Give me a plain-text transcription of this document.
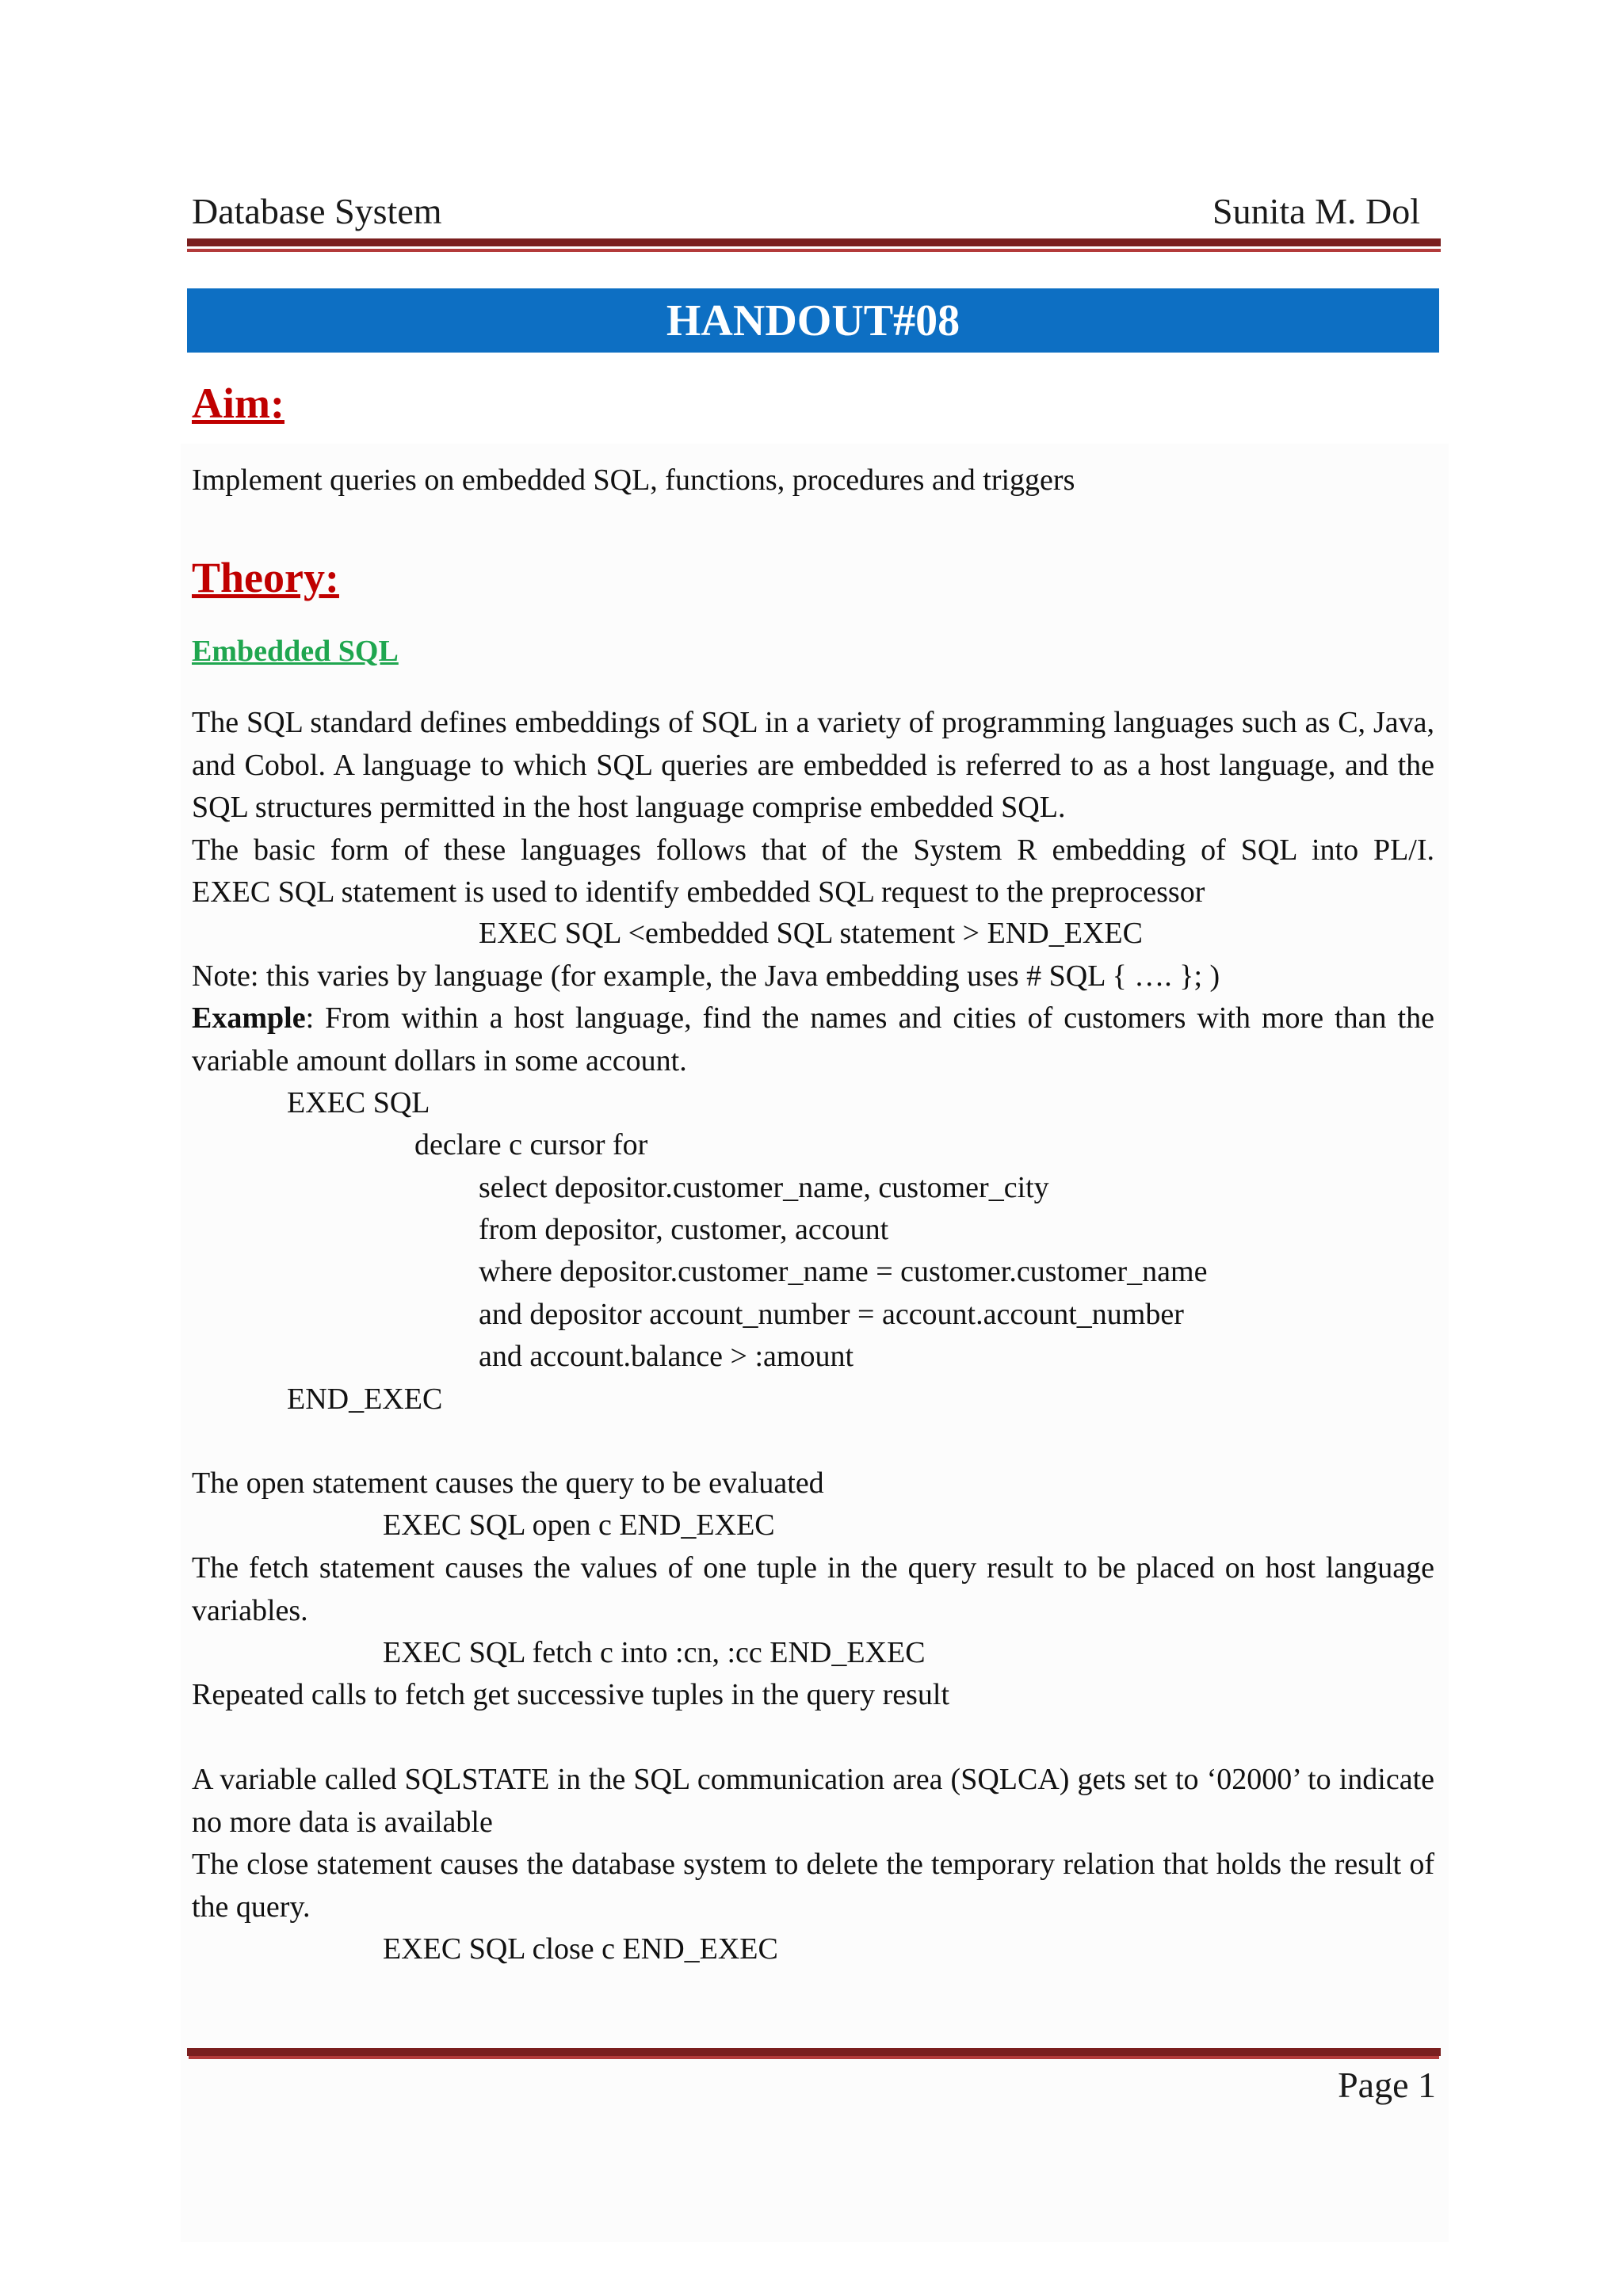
Database System	Sunita M. Dol
HANDOUT#08
Aim:
Implement queries on embedded SQL, functions, procedures and triggers
Theory:
Embedded SQL
The SQL standard defines embeddings of SQL in a variety of programming languages such as C, Java, and Cobol. A language to which SQL queries are embedded is referred to as a host language, and the SQL structures permitted in the host language comprise embedded SQL.
The basic form of these languages follows that of the System R embedding of SQL into PL/I.
EXEC SQL statement is used to identify embedded SQL request to the preprocessor
EXEC SQL <embedded SQL statement > END_EXEC
Note: this varies by language (for example, the Java embedding uses # SQL { …. }; )
Example: From within a host language, find the names and cities of customers with more than the variable amount dollars in some account.
EXEC SQL
declare c cursor for
select depositor.customer_name, customer_city
from depositor, customer, account
where depositor.customer_name = customer.customer_name
and depositor account_number = account.account_number
and account.balance > :amount
END_EXEC
The open statement causes the query to be evaluated
EXEC SQL open c END_EXEC
The fetch statement causes the values of one tuple in the query result to be placed on host language variables.
EXEC SQL fetch c into :cn, :cc END_EXEC
Repeated calls to fetch get successive tuples in the query result
A variable called SQLSTATE in the SQL communication area (SQLCA) gets set to ‘02000’ to indicate no more data is available
The close statement causes the database system to delete the temporary relation that holds the result of the query.
EXEC SQL close c END_EXEC
Page 1
